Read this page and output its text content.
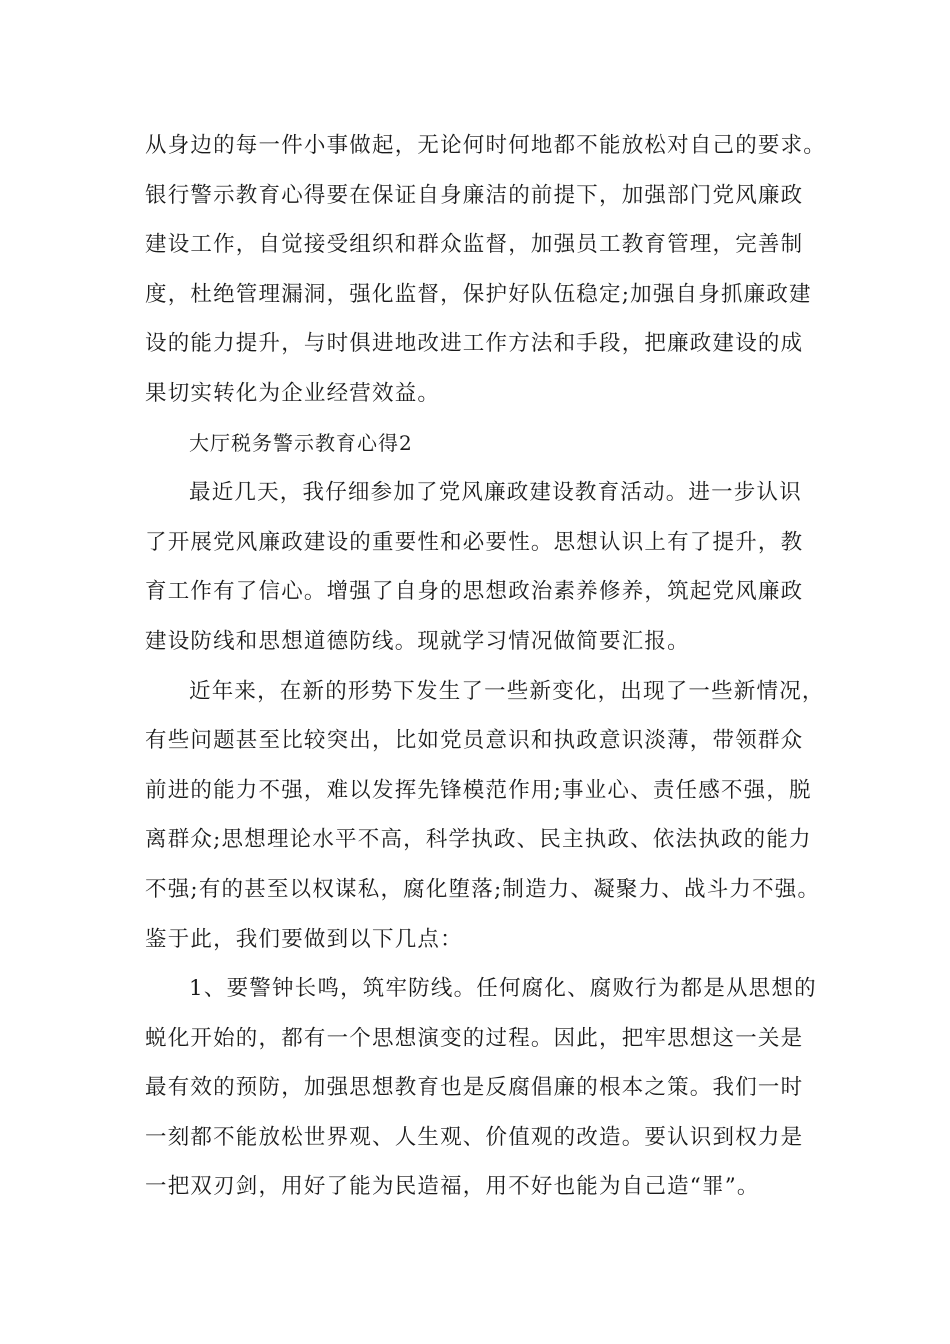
从身边的每一件小事做起，无论何时何地都不能放松对自己的要求。
银行警示教育心得要在保证自身廉洁的前提下，加强部门党风廉政
建设工作，自觉接受组织和群众监督，加强员工教育管理，完善制
度，杜绝管理漏洞，强化监督，保护好队伍稳定;加强自身抓廉政建
设的能力提升，与时俱进地改进工作方法和手段，把廉政建设的成
果切实转化为企业经营效益。
大厅税务警示教育心得2
最近几天，我仔细参加了党风廉政建设教育活动。进一步认识
了开展党风廉政建设的重要性和必要性。思想认识上有了提升，教
育工作有了信心。增强了自身的思想政治素养修养，筑起党风廉政
建设防线和思想道德防线。现就学习情况做简要汇报。
近年来，在新的形势下发生了一些新变化，出现了一些新情况，
有些问题甚至比较突出，比如党员意识和执政意识淡薄，带领群众
前进的能力不强，难以发挥先锋模范作用;事业心、责任感不强，脱
离群众;思想理论水平不高，科学执政、民主执政、依法执政的能力
不强;有的甚至以权谋私，腐化堕落;制造力、凝聚力、战斗力不强。
鉴于此，我们要做到以下几点：
1、要警钟长鸣，筑牢防线。任何腐化、腐败行为都是从思想的
蜕化开始的，都有一个思想演变的过程。因此，把牢思想这一关是
最有效的预防，加强思想教育也是反腐倡廉的根本之策。我们一时
一刻都不能放松世界观、人生观、价值观的改造。要认识到权力是
一把双刃剑，用好了能为民造福，用不好也能为自己造“罪”。
